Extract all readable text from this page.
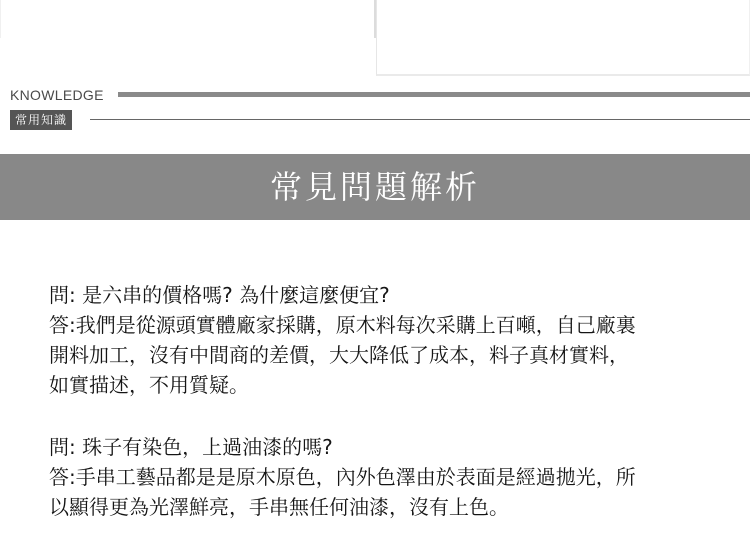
KNOWLEDGE
常用知識
常見問題解析
問: 是六串的價格嗎? 為什麼這麼便宜?
答:我們是從源頭實體廠家採購，原木料每次采購上百噸，自己廠裏
開料加工，沒有中間商的差價，大大降低了成本，料子真材實料，
如實描述，不用質疑。
問: 珠子有染色，上過油漆的嗎?
答:手串工藝品都是是原木原色，內外色澤由於表面是經過拋光，所
以顯得更為光澤鮮亮，手串無任何油漆，沒有上色。
